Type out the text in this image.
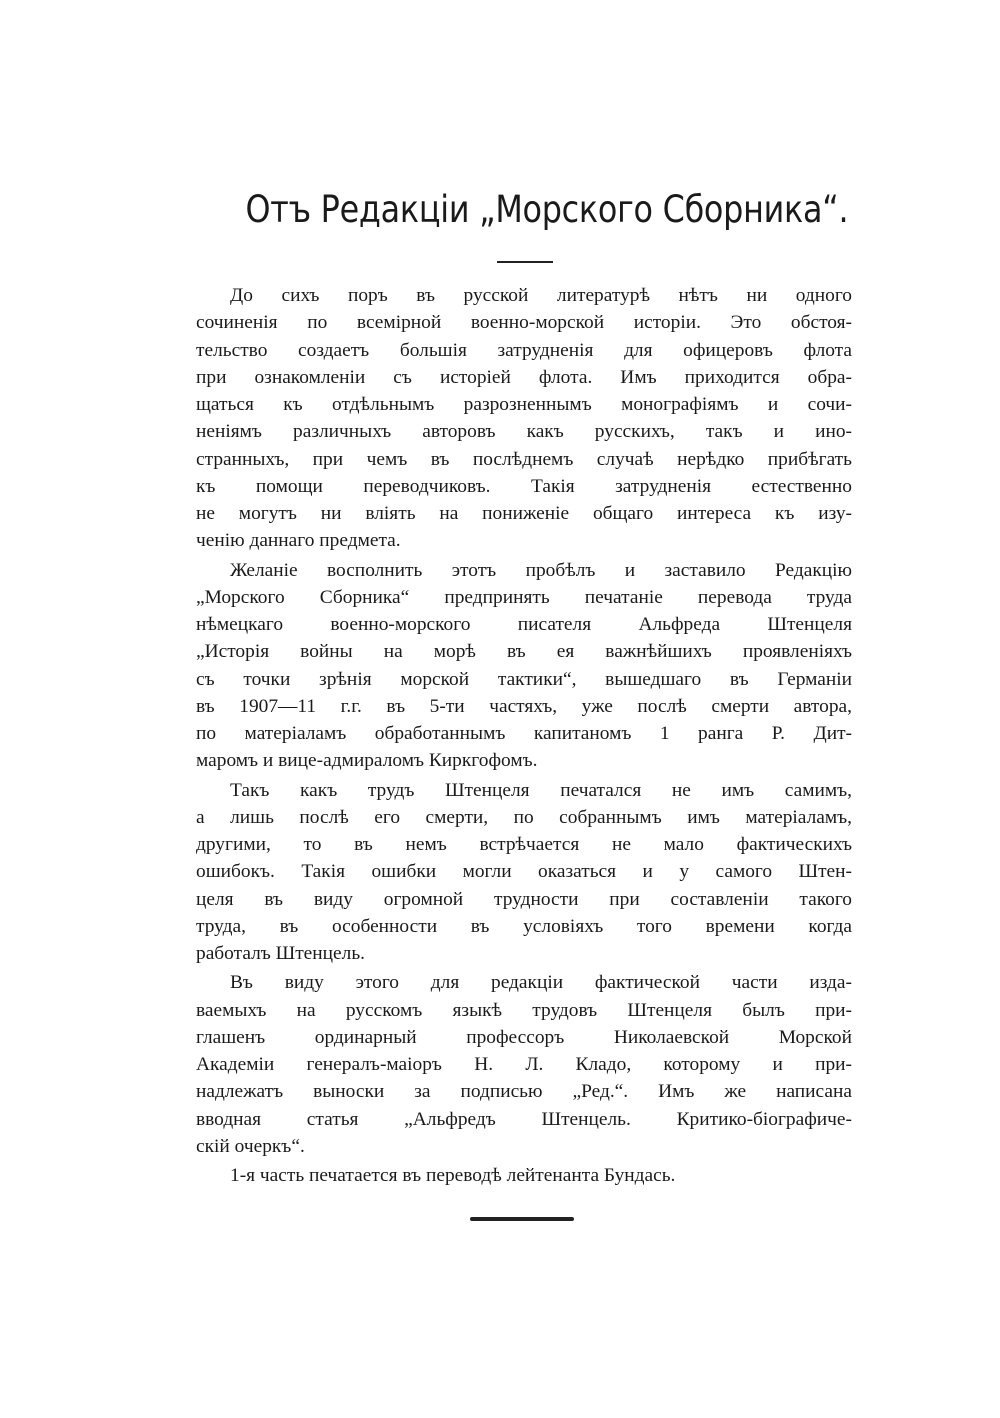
Отъ Редакціи „Морского Сборника“.
До сихъ поръ въ русской литературѣ нѣтъ ни одного
сочиненія по всемірной военно-морской исторіи. Это обстоя-
тельство создаетъ большія затрудненія для офицеровъ флота
при ознакомленіи съ исторіей флота. Имъ приходится обра-
щаться къ отдѣльнымъ разрозненнымъ монографіямъ и сочи-
неніямъ различныхъ авторовъ какъ русскихъ, такъ и ино-
странныхъ, при чемъ въ послѣднемъ случаѣ нерѣдко прибѣгать
къ помощи переводчиковъ. Такія затрудненія естественно
не могутъ ни вліять на пониженіе общаго интереса къ изу-
ченію даннаго предмета.
Желаніе восполнить этотъ пробѣлъ и заставило Редакцію
„Морского Сборника“ предпринять печатаніе перевода труда
нѣмецкаго военно-морского писателя Альфреда Штенцеля
„Исторія войны на морѣ въ ея важнѣйшихъ проявленіяхъ
съ точки зрѣнія морской тактики“, вышедшаго въ Германіи
въ 1907—11 г.г. въ 5-ти частяхъ, уже послѣ смерти автора,
по матеріаламъ обработаннымъ капитаномъ 1 ранга Р. Дит-
маромъ и вице-адмираломъ Киркгофомъ.
Такъ какъ трудъ Штенцеля печатался не имъ самимъ,
а лишь послѣ его смерти, по собраннымъ имъ матеріаламъ,
другими, то въ немъ встрѣчается не мало фактическихъ
ошибокъ. Такія ошибки могли оказаться и у самого Штен-
целя въ виду огромной трудности при составленіи такого
труда, въ особенности въ условіяхъ того времени когда
работалъ Штенцель.
Въ виду этого для редакціи фактической части изда-
ваемыхъ на русскомъ языкѣ трудовъ Штенцеля былъ при-
глашенъ ординарный профессоръ Николаевской Морской
Академіи генералъ-маіоръ Н. Л. Кладо, которому и при-
надлежатъ выноски за подписью „Ред.“. Имъ же написана
вводная статья „Альфредъ Штенцель. Критико-біографиче-
скій очеркъ“.
1-я часть печатается въ переводѣ лейтенанта Бундась.
